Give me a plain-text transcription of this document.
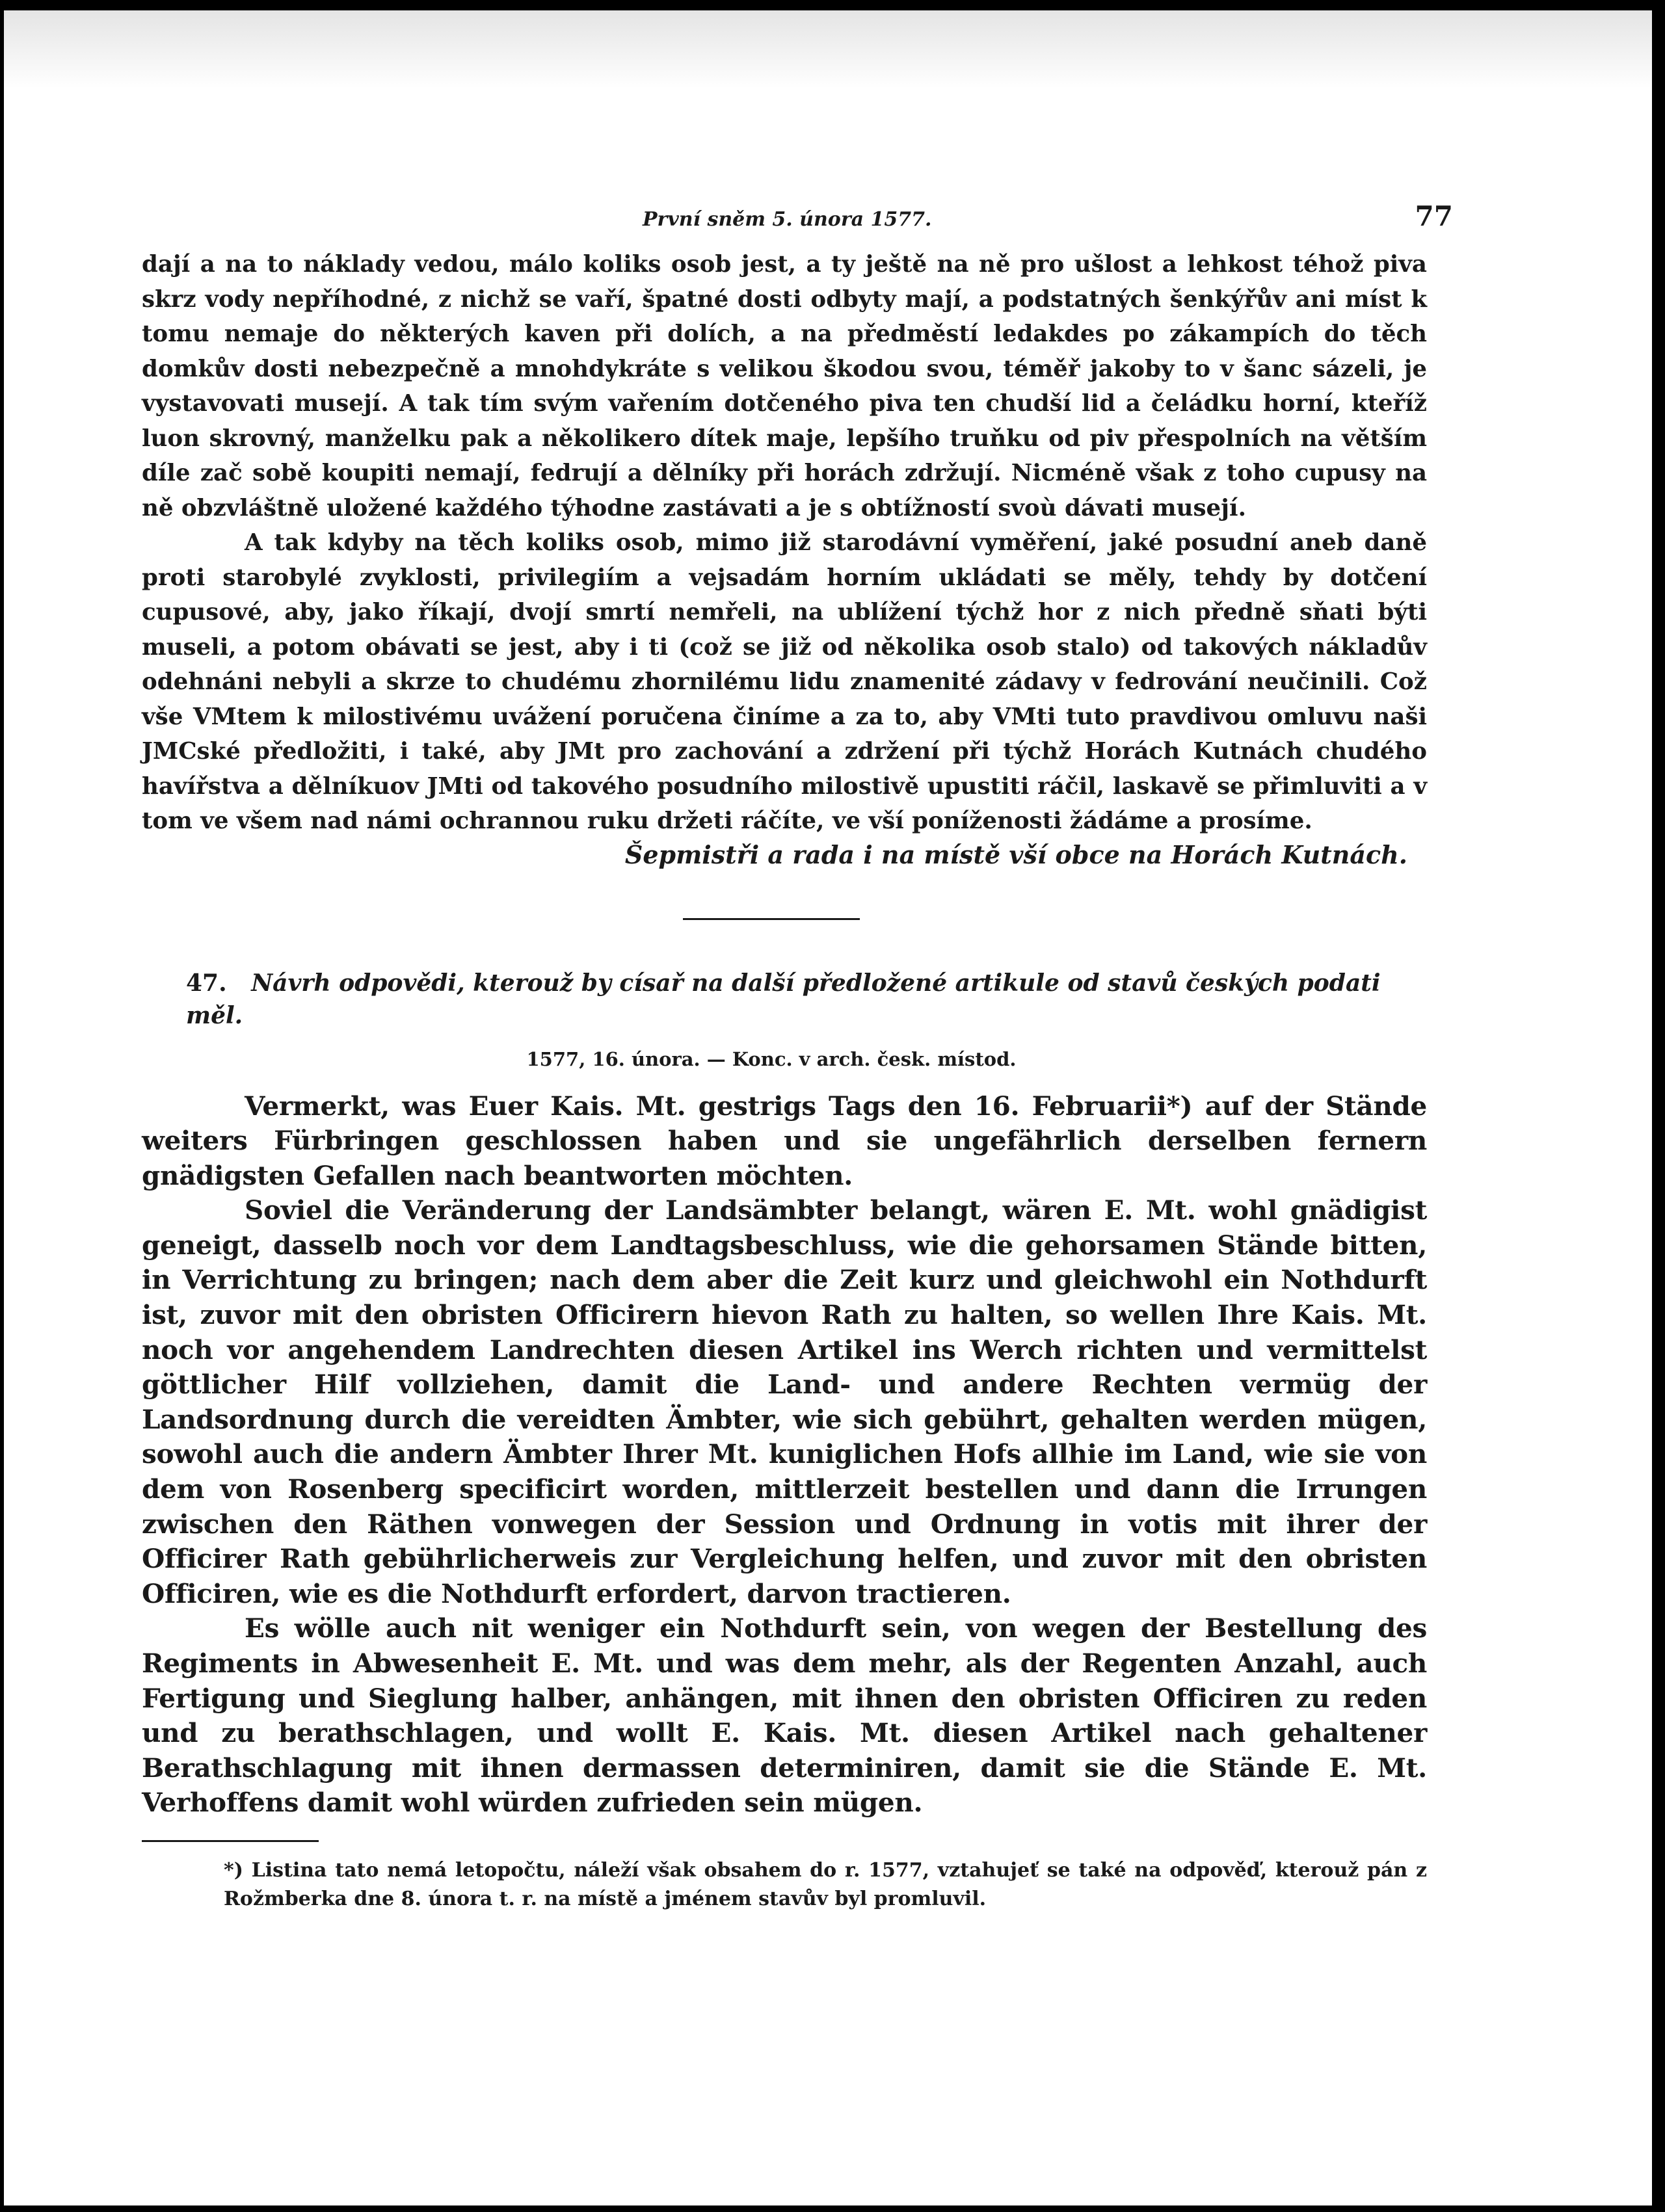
První sněm 5. února 1577.	77

dají a na to náklady vedou, málo koliks osob jest, a ty ještě na ně pro ušlost a lehkost téhož piva skrz vody nepříhodné, z nichž se vaří, špatné dosti odbyty mají, a podstatných šenkýřův ani míst k tomu nemaje do některých kaven při dolích, a na předměstí ledakdes po zákampích do těch domkův dosti nebezpečně a mnohdykráte s velikou škodou svou, téměř jakoby to v šanc sázeli, je vystavovati musejí. A tak tím svým vařením dotčeného piva ten chudší lid a čeládku horní, kteříž luon skrovný, manželku pak a několikero dítek maje, lepšího truňku od piv přespolních na větším díle zač sobě koupiti nemají, fedrují a dělníky při horách zdržují. Nicméně však z toho cupusy na ně obzvláštně uložené každého týhodne zastávati a je s obtížností svoù dávati musejí.

A tak kdyby na těch koliks osob, mimo již starodávní vyměření, jaké posudní aneb daně proti starobylé zvyklosti, privilegiím a vejsadám horním ukládati se měly, tehdy by dotčení cupusové, aby, jako říkají, dvojí smrtí nemřeli, na ublížení týchž hor z nich předně sňati býti museli, a potom obávati se jest, aby i ti (což se již od několika osob stalo) od takových nákladův odehnáni nebyli a skrze to chudému zhornilému lidu znamenité zádavy v fedrování neučinili. Což vše VMtem k milostivému uvážení poručena činíme a za to, aby VMti tuto pravdivou omluvu naši JMCské předložiti, i také, aby JMt pro zachování a zdržení při týchž Horách Kutnách chudého havířstva a dělníkuov JMti od takového posudního milostivě upustiti ráčil, laskavě se přimluviti a v tom ve všem nad námi ochrannou ruku držeti ráčíte, ve vší poníženosti žádáme a prosíme.

Šepmistři a rada i na místě vší obce na Horách Kutnách.
47. Návrh odpovědi, kterouž by císař na další předložené artikule od stavů českých podati měl.
1577, 16. února. — Konc. v arch. česk. místod.

Vermerkt, was Euer Kais. Mt. gestrigs Tags den 16. Februarii*) auf der Stände weiters Fürbringen geschlossen haben und sie ungefährlich derselben fernern gnädigsten Gefallen nach beantworten möchten.

Soviel die Veränderung der Landsämbter belangt, wären E. Mt. wohl gnädigist geneigt, dasselb noch vor dem Landtagsbeschluss, wie die gehorsamen Stände bitten, in Verrichtung zu bringen; nach dem aber die Zeit kurz und gleichwohl ein Nothdurft ist, zuvor mit den obristen Officirern hievon Rath zu halten, so wellen Ihre Kais. Mt. noch vor angehendem Landrechten diesen Artikel ins Werch richten und vermittelst göttlicher Hilf vollziehen, damit die Land- und andere Rechten vermüg der Landsordnung durch die vereidten Ämbter, wie sich gebührt, gehalten werden mügen, sowohl auch die andern Ämbter Ihrer Mt. kuniglichen Hofs allhie im Land, wie sie von dem von Rosenberg specificirt worden, mittlerzeit bestellen und dann die Irrungen zwischen den Räthen vonwegen der Session und Ordnung in votis mit ihrer der Officirer Rath gebührlicherweis zur Vergleichung helfen, und zuvor mit den obristen Officiren, wie es die Nothdurft erfordert, darvon tractieren.

Es wölle auch nit weniger ein Nothdurft sein, von wegen der Bestellung des Regiments in Abwesenheit E. Mt. und was dem mehr, als der Regenten Anzahl, auch Fertigung und Sieglung halber, anhängen, mit ihnen den obristen Officiren zu reden und zu berathschlagen, und wollt E. Kais. Mt. diesen Artikel nach gehaltener Berathschlagung mit ihnen dermassen determiniren, damit sie die Stände E. Mt. Verhoffens damit wohl würden zufrieden sein mügen.

*) Listina tato nemá letopočtu, náleží však obsahem do r. 1577, vztahujeť se také na odpověď, kterouž pán z Rožmberka dne 8. února t. r. na místě a jménem stavův byl promluvil.
